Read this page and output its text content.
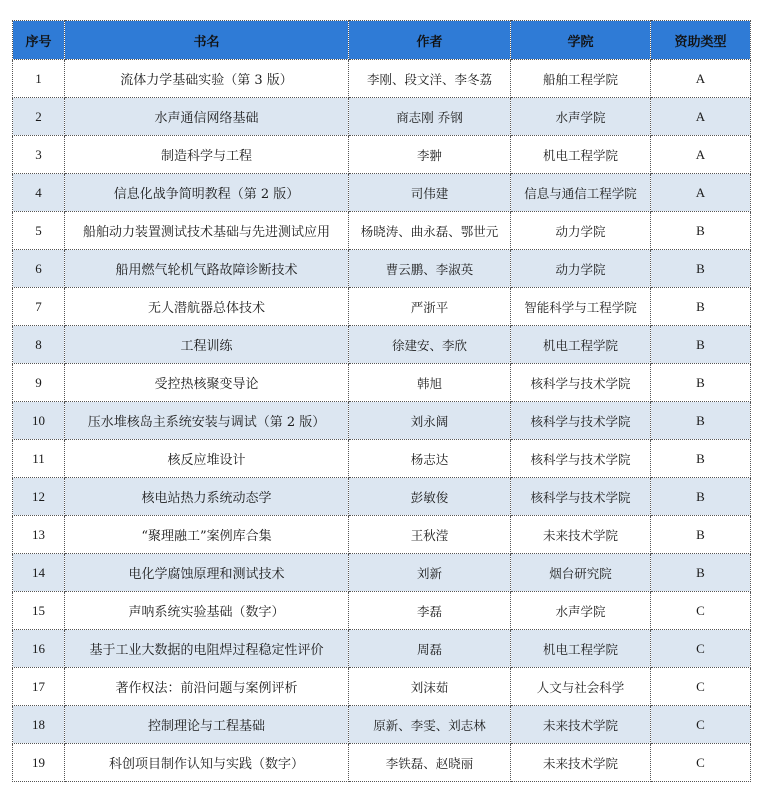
序号	书名	作者	学院	资助类型
1	流体力学基础实验（第 3 版）	李刚、段文洋、李冬荔	船舶工程学院	A
2	水声通信网络基础	商志刚 乔钢	水声学院	A
3	制造科学与工程	李翀	机电工程学院	A
4	信息化战争简明教程（第 2 版）	司伟建	信息与通信工程学院	A
5	船舶动力装置测试技术基础与先进测试应用	杨晓涛、曲永磊、鄂世元	动力学院	B
6	船用燃气轮机气路故障诊断技术	曹云鹏、李淑英	动力学院	B
7	无人潜航器总体技术	严浙平	智能科学与工程学院	B
8	工程训练	徐建安、李欣	机电工程学院	B
9	受控热核聚变导论	韩旭	核科学与技术学院	B
10	压水堆核岛主系统安装与调试（第 2 版）	刘永阔	核科学与技术学院	B
11	核反应堆设计	杨志达	核科学与技术学院	B
12	核电站热力系统动态学	彭敏俊	核科学与技术学院	B
13	“聚理融工”案例库合集	王秋滢	未来技术学院	B
14	电化学腐蚀原理和测试技术	刘新	烟台研究院	B
15	声呐系统实验基础（数字）	李磊	水声学院	C
16	基于工业大数据的电阻焊过程稳定性评价	周磊	机电工程学院	C
17	著作权法：前沿问题与案例评析	刘沫茹	人文与社会科学	C
18	控制理论与工程基础	原新、李雯、刘志林	未来技术学院	C
19	科创项目制作认知与实践（数字）	李铁磊、赵晓丽	未来技术学院	C
